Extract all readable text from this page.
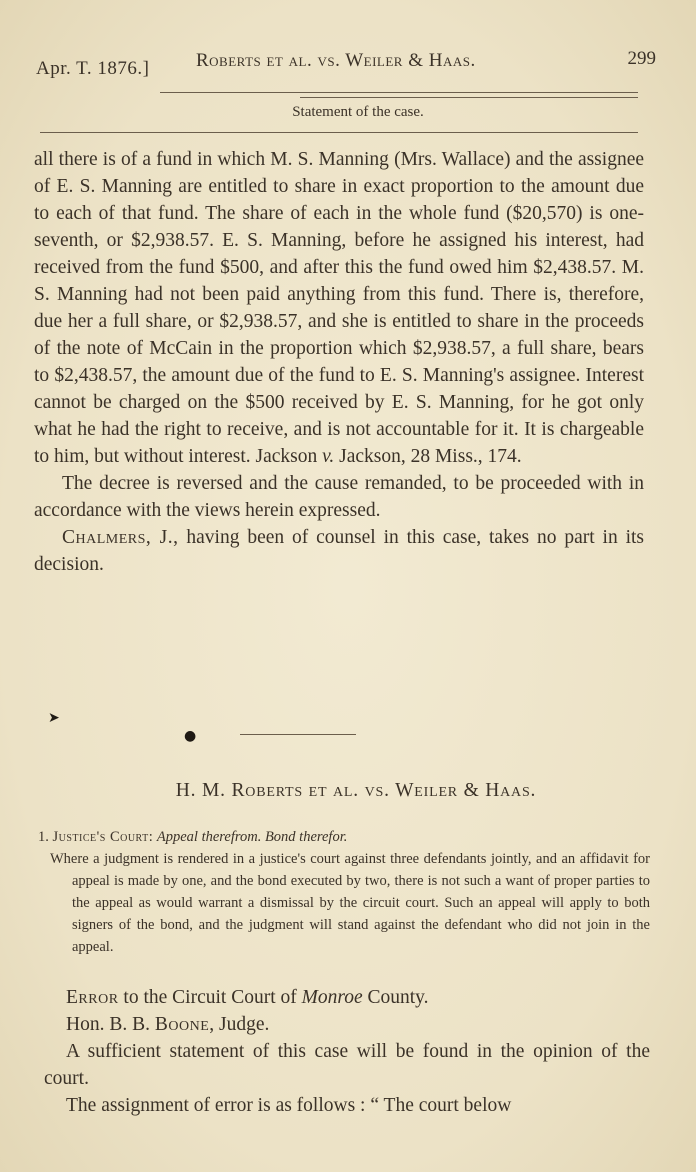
Apr. T. 1876.] Roberts et al. vs. Weiler & Haas.	299
Statement of the case.

all there is of a fund in which M. S. Manning (Mrs. Wallace) and the assignee of E. S. Manning are entitled to share in exact proportion to the amount due to each of that fund. The share of each in the whole fund ($20,570) is one-seventh, or $2,938.57. E. S. Manning, before he assigned his interest, had received from the fund $500, and after this the fund owed him $2,438.57. M. S. Manning had not been paid anything from this fund. There is, therefore, due her a full share, or $2,938.57, and she is entitled to share in the proceeds of the note of McCain in the proportion which $2,938.57, a full share, bears to $2,438.57, the amount due of the fund to E. S. Manning's assignee. Interest cannot be charged on the $500 received by E. S. Manning, for he got only what he had the right to receive, and is not accountable for it. It is chargeable to him, but without interest. Jackson v. Jackson, 28 Miss., 174.

The decree is reversed and the cause remanded, to be proceeded with in accordance with the views herein expressed.

Chalmers, J., having been of counsel in this case, takes no part in its decision.

➤
●
H. M. Roberts et al. vs. Weiler & Haas.

1. Justice's Court: Appeal therefrom. Bond therefor.

Where a judgment is rendered in a justice's court against three defendants jointly, and an affidavit for appeal is made by one, and the bond executed by two, there is not such a want of proper parties to the appeal as would warrant a dismissal by the circuit court. Such an appeal will apply to both signers of the bond, and the judgment will stand against the defendant who did not join in the appeal.

Error to the Circuit Court of Monroe County.

Hon. B. B. Boone, Judge.

A sufficient statement of this case will be found in the opinion of the court.

The assignment of error is as follows : “ The court below
